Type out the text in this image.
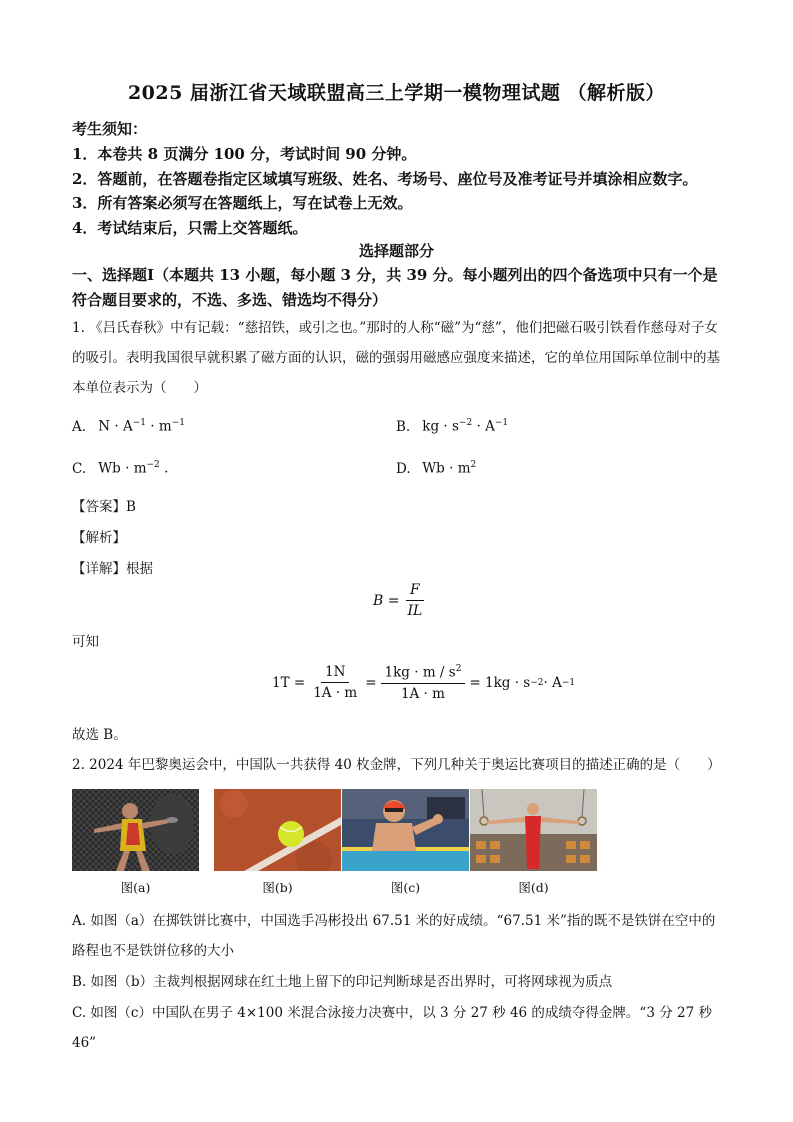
2025 届浙江省天域联盟高三上学期一模物理试题 （解析版）
考生须知：
1．本卷共 8 页满分 100 分，考试时间 90 分钟。
2．答题前，在答题卷指定区域填写班级、姓名、考场号、座位号及准考证号并填涂相应数字。
3．所有答案必须写在答题纸上，写在试卷上无效。
4．考试结束后，只需上交答题纸。
选择题部分
一、选择题Ⅰ（本题共 13 小题，每小题 3 分，共 39 分。每小题列出的四个备选项中只有一个是符合题目要求的，不选、多选、错选均不得分）
1. 《吕氏春秋》中有记载：“慈招铁，或引之也。”那时的人称“磁”为“慈”，他们把磁石吸引铁看作慈母对子女的吸引。表明我国很早就积累了磁方面的认识，磁的强弱用磁感应强度来描述，它的单位用国际单位制中的基本单位表示为（　　）
A. $N \cdot A^{-1} \cdot m^{-1}$	B. kg · $s^{-2} \cdot A^{-1}$
C. $Wb \cdot m^{-2}$ .	D. $Wb \cdot m^2$
【答案】B
【解析】
【详解】根据
$B = \frac{F}{IL}$
可知
$1T = \frac{1N}{1A \cdot m} = \frac{1kg \cdot m / s^2}{1A \cdot m} = 1kg \cdot s -2 \cdot A -1$
故选 B。
2. 2024 年巴黎奥运会中，中国队一共获得 40 枚金牌，下列几种关于奥运比赛项目的描述正确的是（　　）
图(a)	图(b)	图(c)	图(d)
A. 如图（a）在掷铁饼比赛中，中国选手冯彬投出 67.51 米的好成绩。“67.51 米”指的既不是铁饼在空中的路程也不是铁饼位移的大小
B. 如图（b）主裁判根据网球在红土地上留下的印记判断球是否出界时，可将网球视为质点
C. 如图（c）中国队在男子 4×100 米混合泳接力决赛中，以 3 分 27 秒 46 的成绩夺得金牌。“3 分 27 秒 46”
